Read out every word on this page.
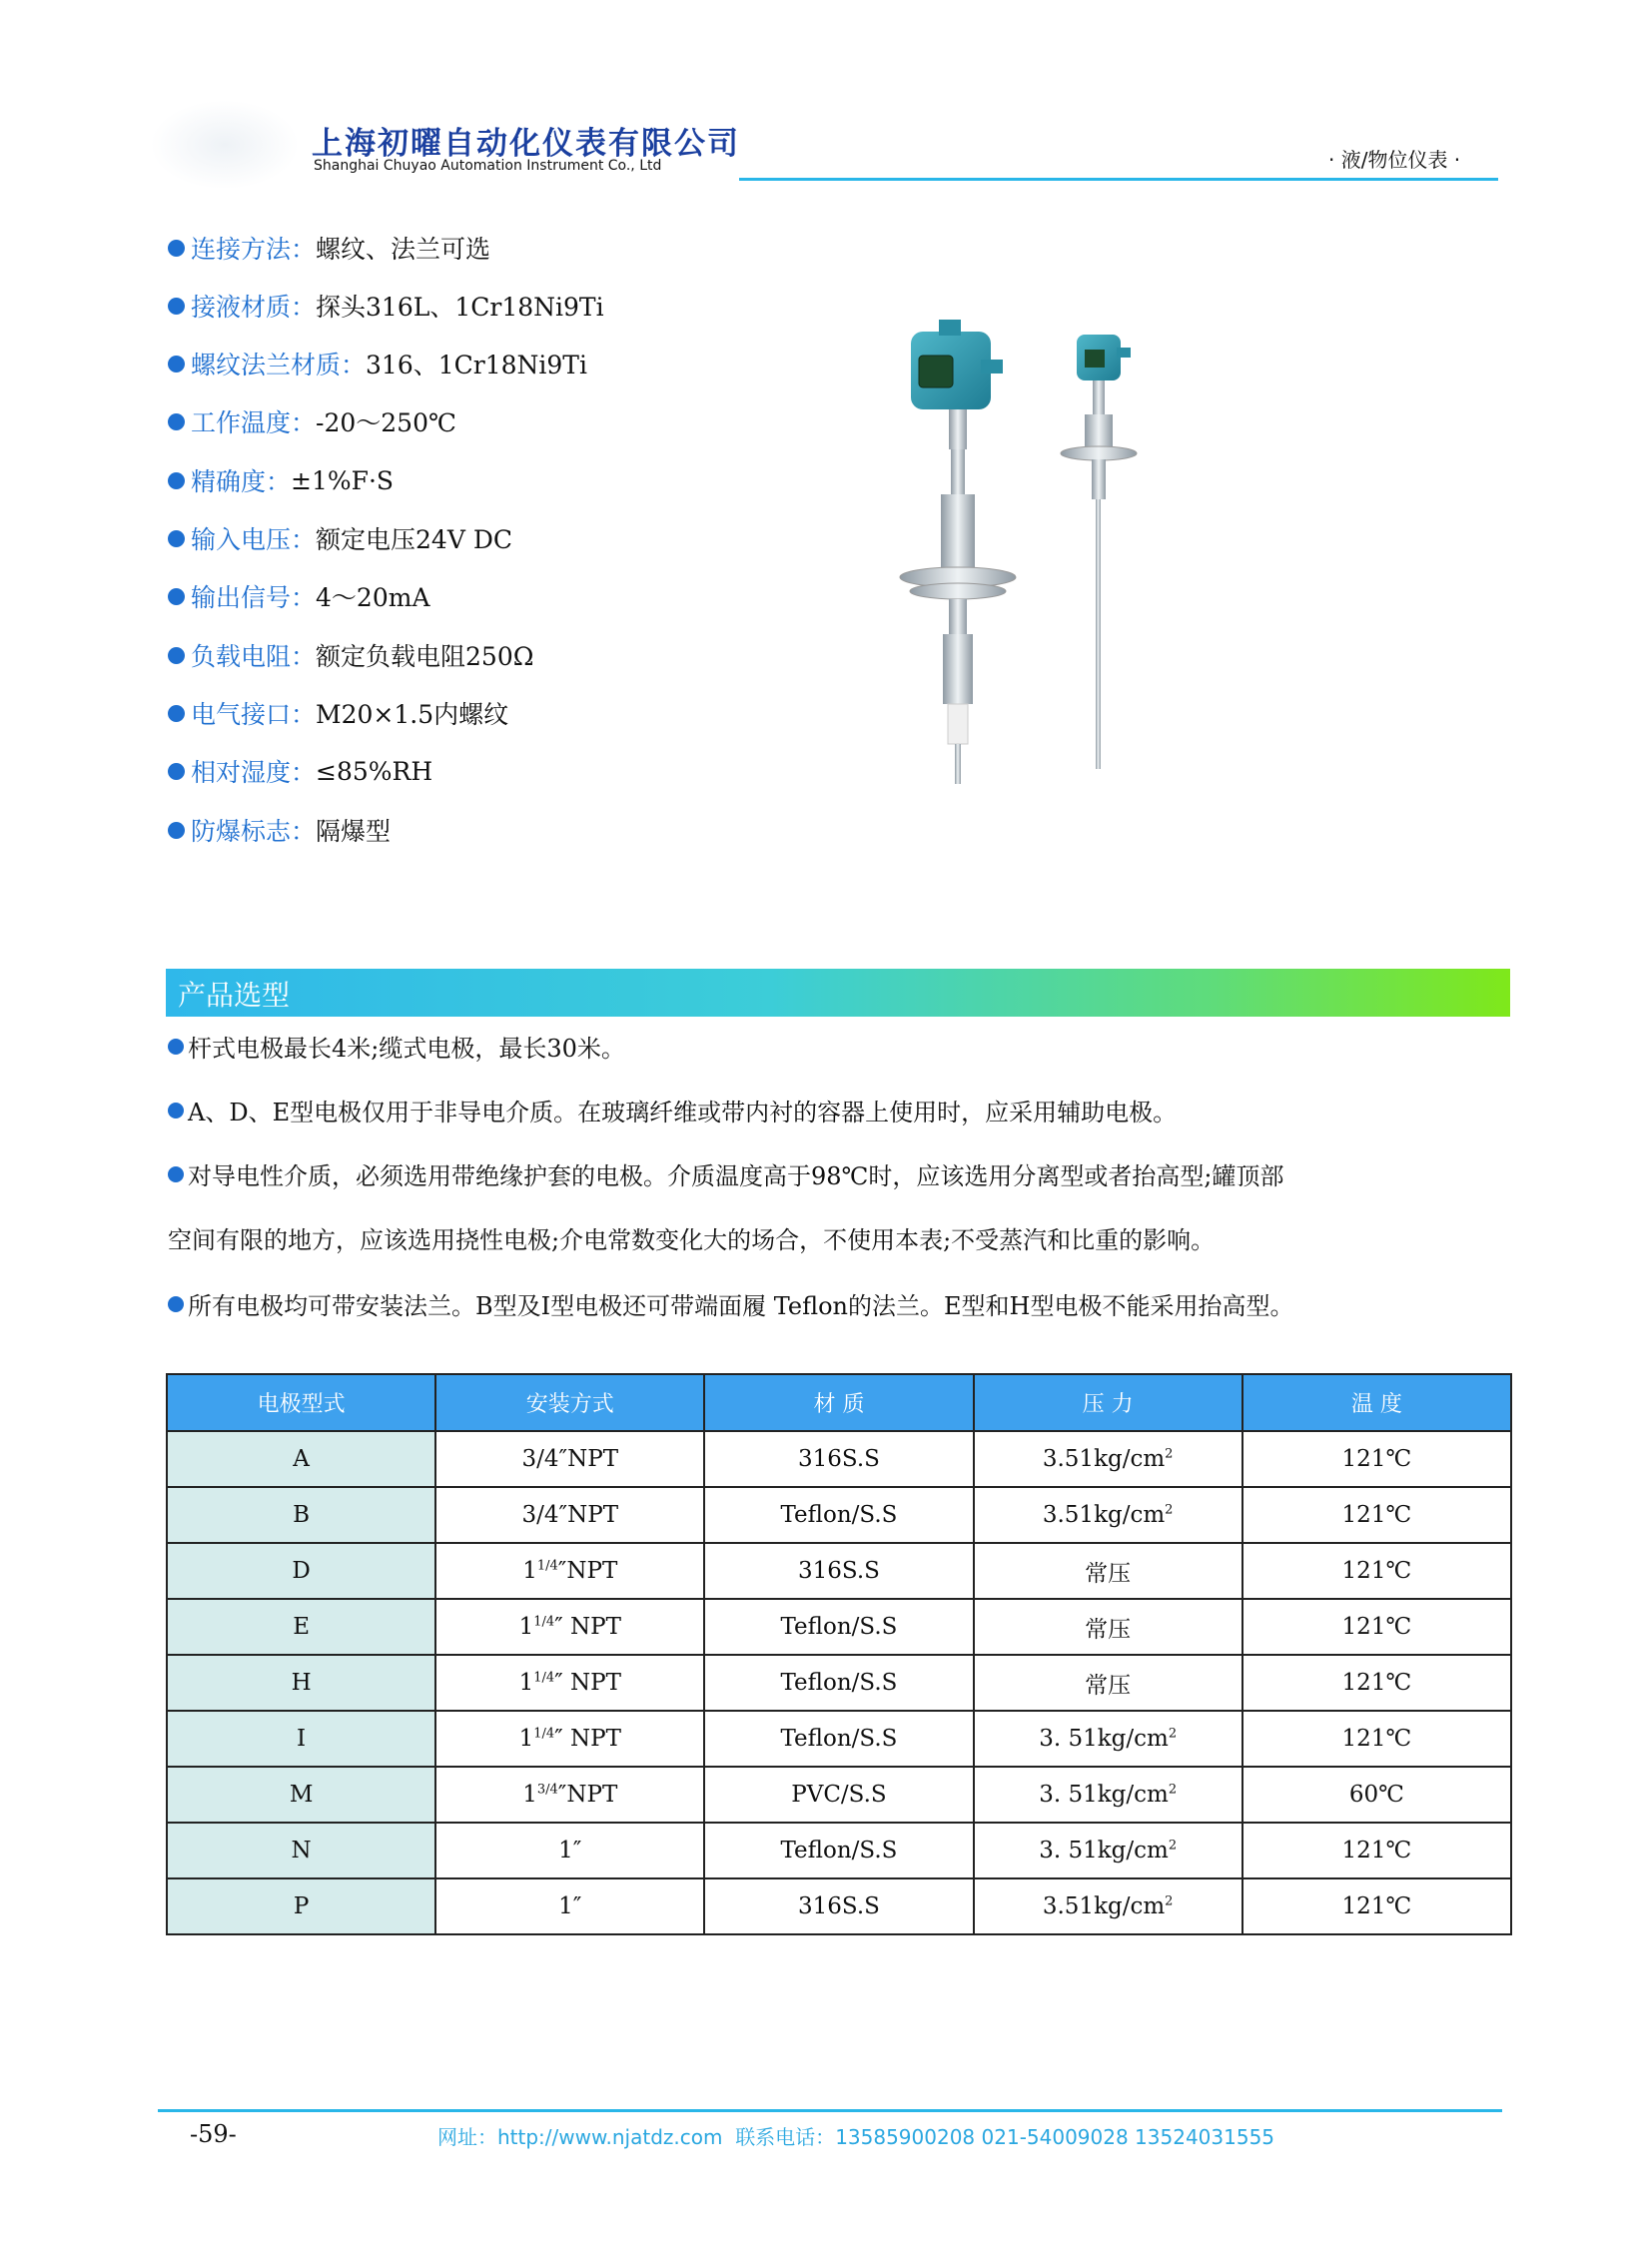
上海初曜自动化仪表有限公司
Shanghai Chuyao Automation Instrument Co., Ltd	· 液/物位仪表 ·
连接方法： 螺纹、法兰可选
接液材质： 探头316L、1Cr18Ni9Ti
螺纹法兰材质： 316、1Cr18Ni9Ti
工作温度： -20～250℃
精确度： ±1%F·S
输入电压： 额定电压24V DC
输出信号： 4～20mA
负载电阻： 额定负载电阻250Ω
电气接口： M20×1.5内螺纹
相对湿度： ≤85%RH
防爆标志： 隔爆型
产品选型
杆式电极最长4米;缆式电极，最长30米。
A、D、E型电极仅用于非导电介质。在玻璃纤维或带内衬的容器上使用时，应采用辅助电极。
对导电性介质，必须选用带绝缘护套的电极。介质温度高于98℃时，应该选用分离型或者抬高型;罐顶部
空间有限的地方，应该选用挠性电极;介电常数变化大的场合，不使用本表;不受蒸汽和比重的影响。
所有电极均可带安装法兰。B型及I型电极还可带端面履 Teflon的法兰。E型和H型电极不能采用抬高型。
电极型式	安装方式	材 质	压 力	温 度
A	3/4″NPT	316S.S	$3.51kg/cm^2$	121℃
B	3/4″NPT	Teflon/S.S	$3.51kg/cm^2$	121℃
D	$1^{1/4}''NPT$	316S.S	常压	121℃
E	$1^{1/4}''$ NPT	Teflon/S.S	常压	121℃
H	$1^{1/4}''$ NPT	Teflon/S.S	常压	121℃
I	$1^{1/4}''$ NPT	Teflon/S.S	3. $51kg/cm^2$	121℃
M	$1^{3/4}''NPT$	PVC/S.S	3. $51kg/cm^2$	60℃
N	1″	Teflon/S.S	3. $51kg/cm^2$	121℃
P	1″	316S.S	$3.51kg/cm^2$	121℃
-59-	网址：http://www.njatdz.com 联系电话：13585900208 021-54009028 13524031555
